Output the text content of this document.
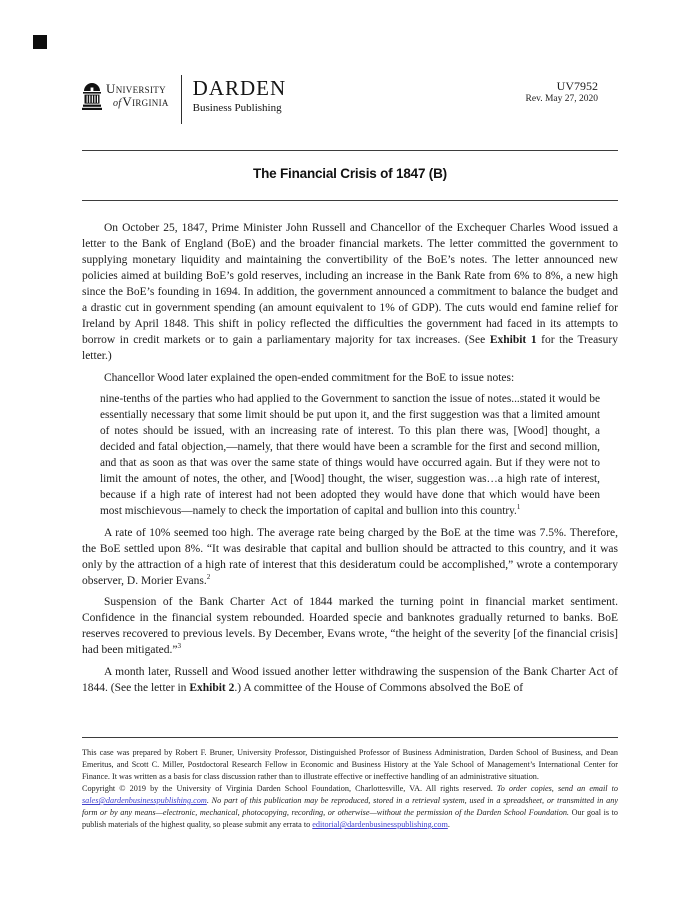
University
ofVirginia
DARDEN
Business Publishing
UV7952
Rev. May 27, 2020
The Financial Crisis of 1847 (B)

On October 25, 1847, Prime Minister John Russell and Chancellor of the Exchequer Charles Wood issued a letter to the Bank of England (BoE) and the broader financial markets. The letter committed the government to supplying monetary liquidity and maintaining the convertibility of the BoE’s notes. The letter announced new policies aimed at building BoE’s gold reserves, including an increase in the Bank Rate from 6% to 8%, a new high since the BoE’s founding in 1694. In addition, the government announced a commitment to balance the budget and a drastic cut in government spending (an amount equivalent to 1% of GDP). The cuts would end famine relief for Ireland by April 1848. This shift in policy reflected the difficulties the government had faced in its attempts to borrow in credit markets or to gain a parliamentary majority for tax increases. (See Exhibit 1 for the Treasury letter.)

Chancellor Wood later explained the open-ended commitment for the BoE to issue notes:

nine-tenths of the parties who had applied to the Government to sanction the issue of notes...stated it would be essentially necessary that some limit should be put upon it, and the first suggestion was that a limited amount of notes should be issued, with an increasing rate of interest. To this plan there was, [Wood] thought, a decided and fatal objection,—namely, that there would have been a scramble for the first and second million, and that as soon as that was over the same state of things would have occurred again. But if they were not to limit the amount of notes, the other, and [Wood] thought, the wiser, suggestion was…a high rate of interest, because if a high rate of interest had not been adopted they would have done that which would have been most mischievous—namely to check the importation of capital and bullion into this country.$^1$

A rate of 10% seemed too high. The average rate being charged by the BoE at the time was 7.5%. Therefore, the BoE settled upon 8%. “It was desirable that capital and bullion should be attracted to this country, and it was only by the attraction of a high rate of interest that this desideratum could be accomplished,” wrote a contemporary observer, D. Morier Evans.$^2$

Suspension of the Bank Charter Act of 1844 marked the turning point in financial market sentiment. Confidence in the financial system rebounded. Hoarded specie and banknotes gradually returned to banks. BoE reserves recovered to previous levels. By December, Evans wrote, “the height of the severity [of the financial crisis] had been mitigated.”$^3$

A month later, Russell and Wood issued another letter withdrawing the suspension of the Bank Charter Act of 1844. (See the letter in Exhibit 2.) A committee of the House of Commons absolved the BoE of

This case was prepared by Robert F. Bruner, University Professor, Distinguished Professor of Business Administration, Darden School of Business, and Dean Emeritus, and Scott C. Miller, Postdoctoral Research Fellow in Economic and Business History at the Yale School of Management’s International Center for Finance. It was written as a basis for class discussion rather than to illustrate effective or ineffective handling of an administrative situation.

Copyright © 2019 by the University of Virginia Darden School Foundation, Charlottesville, VA. All rights reserved. To order copies, send an email to sales@dardenbusinesspublishing.com. No part of this publication may be reproduced, stored in a retrieval system, used in a spreadsheet, or transmitted in any form or by any means—electronic, mechanical, photocopying, recording, or otherwise—without the permission of the Darden School Foundation. Our goal is to publish materials of the highest quality, so please submit any errata to editorial@dardenbusinesspublishing.com.
